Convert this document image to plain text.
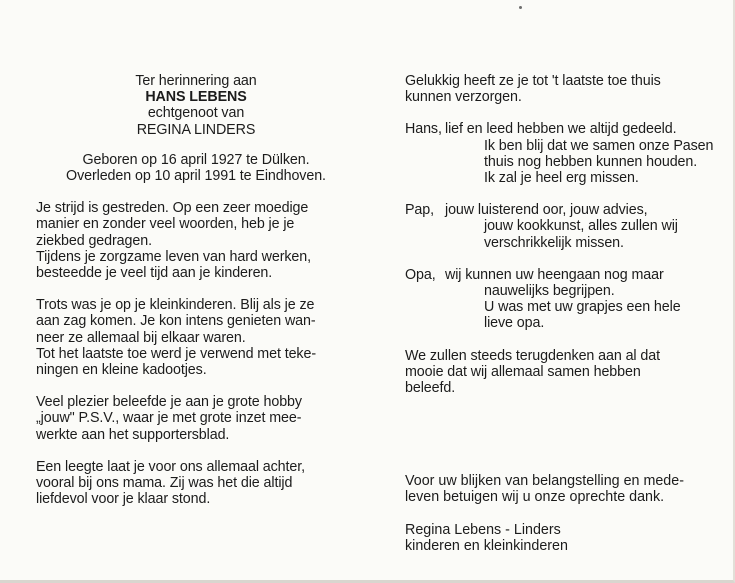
Ter herinnering aan

HANS LEBENS

echtgenoot van

REGINA LINDERS

Geboren op 16 april 1927 te Dülken.

Overleden op 10 april 1991 te Eindhoven.

Je strijd is gestreden. Op een zeer moedige
manier en zonder veel woorden, heb je je
ziekbed gedragen.
Tijdens je zorgzame leven van hard werken,
besteedde je veel tijd aan je kinderen.
Trots was je op je kleinkinderen. Blij als je ze
aan zag komen. Je kon intens genieten wan-
neer ze allemaal bij elkaar waren.
Tot het laatste toe werd je verwend met teke-
ningen en kleine kadootjes.
Veel plezier beleefde je aan je grote hobby
„jouw" P.S.V., waar je met grote inzet mee-
werkte aan het supportersblad.
Een leegte laat je voor ons allemaal achter,
vooral bij ons mama. Zij was het die altijd
liefdevol voor je klaar stond.
Gelukkig heeft ze je tot 't laatste toe thuis
kunnen verzorgen.
Hans, lief en leed hebben we altijd gedeeld.
Ik ben blij dat we samen onze Pasen
thuis nog hebben kunnen houden.
Ik zal je heel erg missen.
Pap, jouw luisterend oor, jouw advies,
jouw kookkunst, alles zullen wij
verschrikkelijk missen.
Opa, wij kunnen uw heengaan nog maar
nauwelijks begrijpen.
U was met uw grapjes een hele
lieve opa.
We zullen steeds terugdenken aan al dat
mooie dat wij allemaal samen hebben
beleefd.
Voor uw blijken van belangstelling en mede-
leven betuigen wij u onze oprechte dank.
Regina Lebens - Linders
kinderen en kleinkinderen
